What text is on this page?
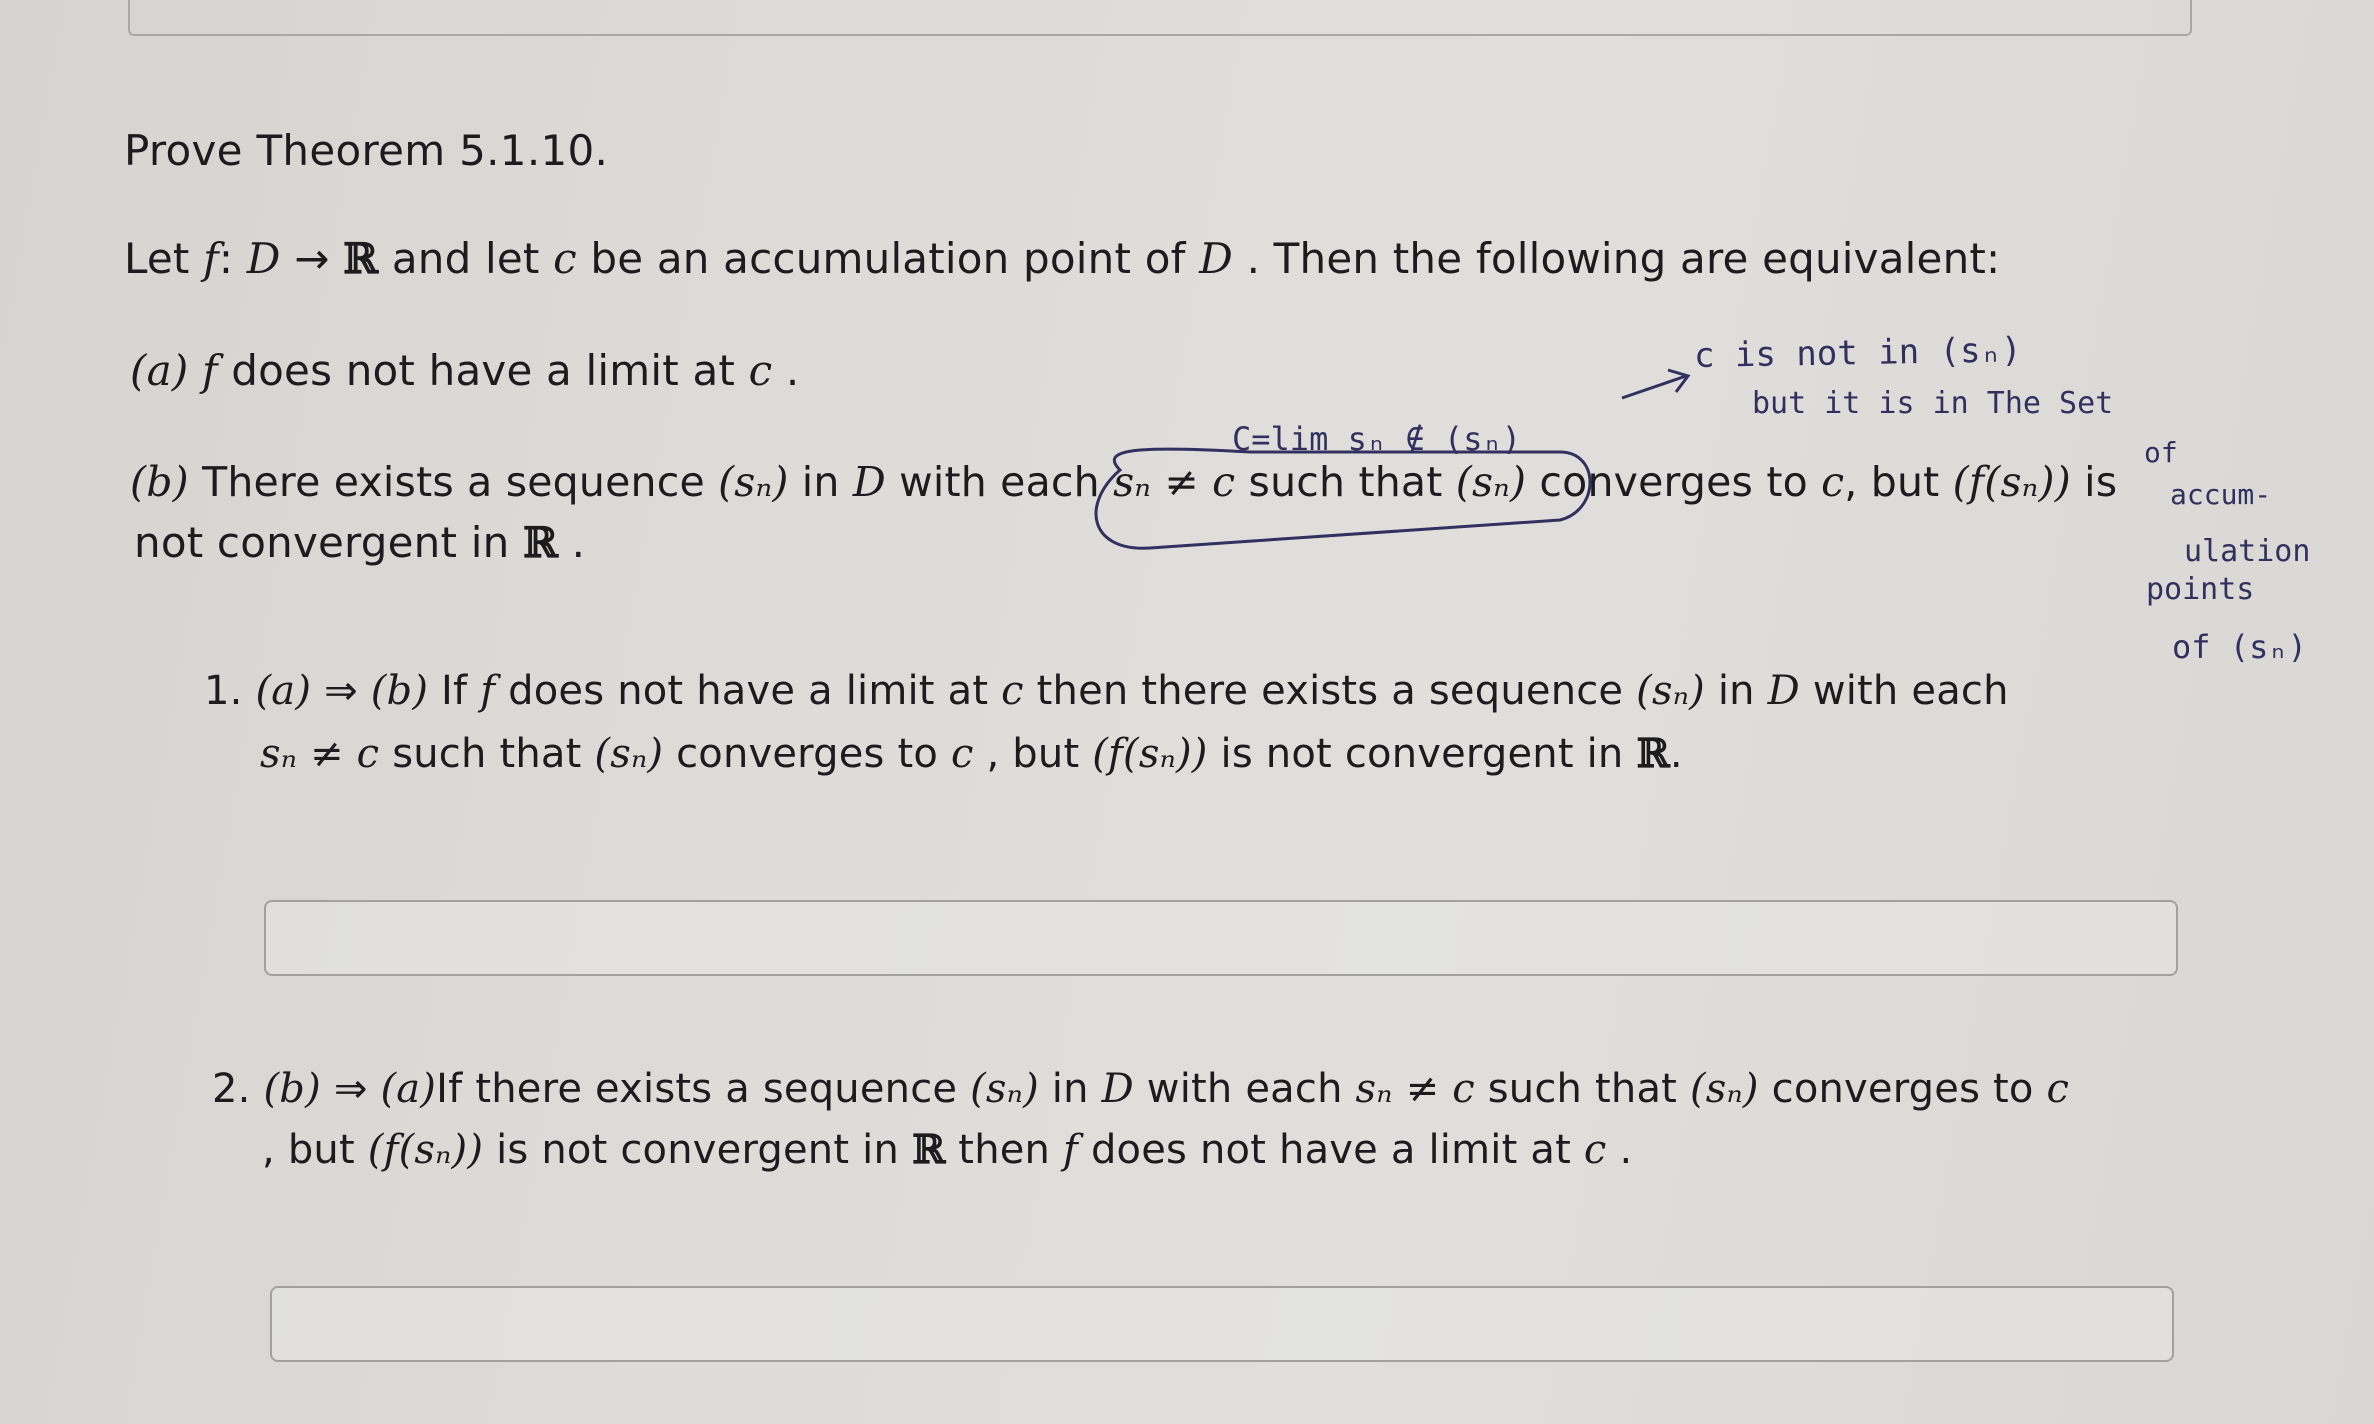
Prove Theorem 5.1.10.
Let f: D → ℝ and let c be an accumulation point of D . Then the following are equivalent:
(a) f does not have a limit at c .
(b) There exists a sequence (sₙ) in D with each sₙ ≠ c such that (sₙ) converges to c, but (f(sₙ)) is
not convergent in ℝ .
1. (a) ⇒ (b) If f does not have a limit at c then there exists a sequence (sₙ) in D with each
sₙ ≠ c such that (sₙ) converges to c , but (f(sₙ)) is not convergent in ℝ.
2. (b) ⇒ (a)If there exists a sequence (sₙ) in D with each sₙ ≠ c such that (sₙ) converges to c
, but (f(sₙ)) is not convergent in ℝ then f does not have a limit at c .
c is not in (sₙ)
but it is in The Set
C=lim sₙ ∉ (sₙ)	of
accum-
ulation
points
of (sₙ)
